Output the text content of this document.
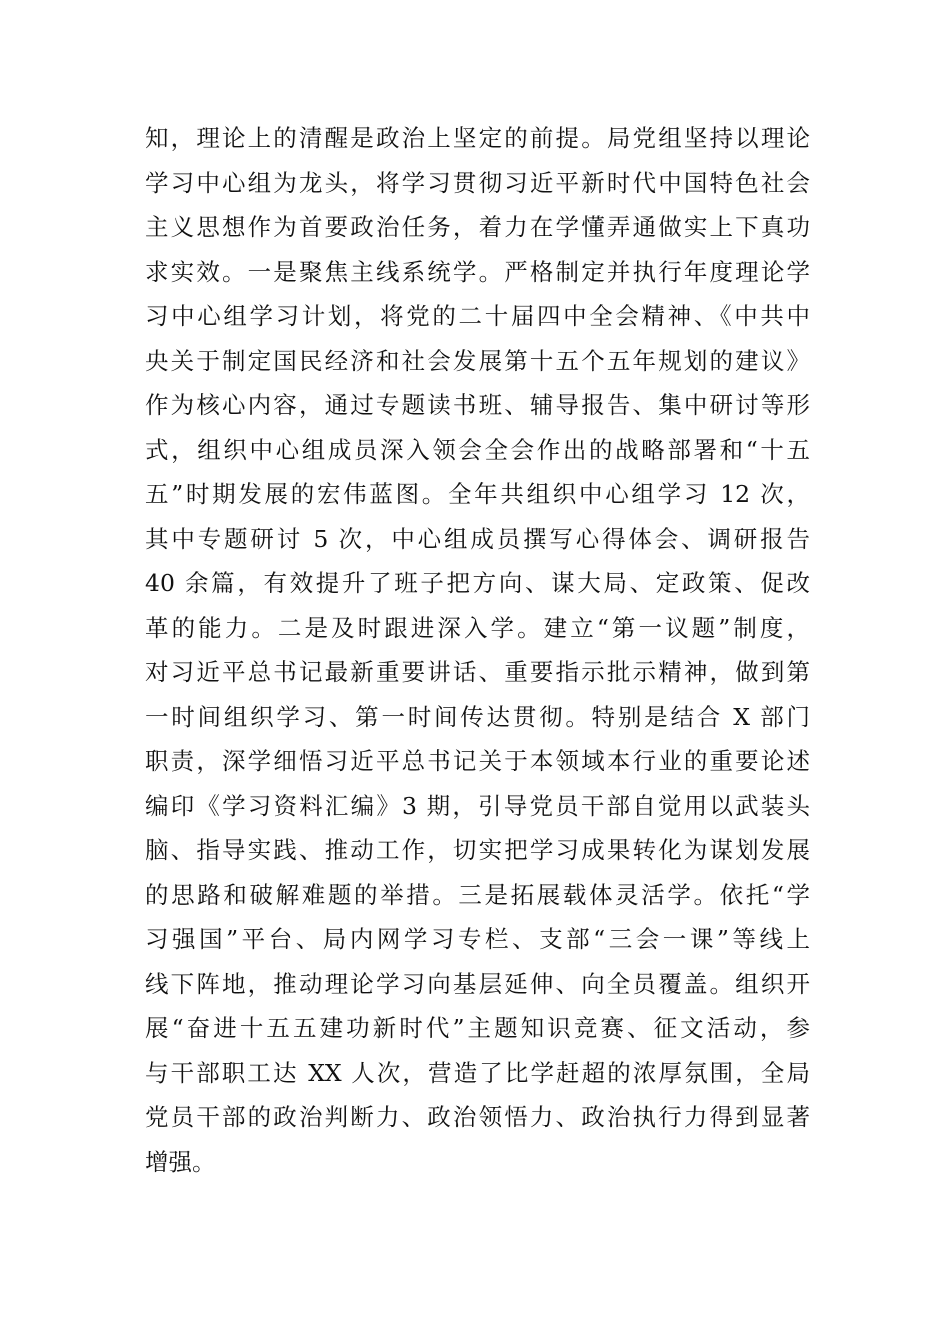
知，理论上的清醒是政治上坚定的前提。局党组坚持以理论
学习中心组为龙头，将学习贯彻习近平新时代中国特色社会
主义思想作为首要政治任务，着力在学懂弄通做实上下真功
求实效。一是聚焦主线系统学。严格制定并执行年度理论学
习中心组学习计划，将党的二十届四中全会精神、《中共中
央关于制定国民经济和社会发展第十五个五年规划的建议》
作为核心内容，通过专题读书班、辅导报告、集中研讨等形
式，组织中心组成员深入领会全会作出的战略部署和“十五
五”时期发展的宏伟蓝图。全年共组织中心组学习 12 次，
其中专题研讨 5 次，中心组成员撰写心得体会、调研报告
40 余篇，有效提升了班子把方向、谋大局、定政策、促改
革的能力。二是及时跟进深入学。建立“第一议题”制度，
对习近平总书记最新重要讲话、重要指示批示精神，做到第
一时间组织学习、第一时间传达贯彻。特别是结合 X 部门
职责，深学细悟习近平总书记关于本领域本行业的重要论述
编印《学习资料汇编》3 期，引导党员干部自觉用以武装头
脑、指导实践、推动工作，切实把学习成果转化为谋划发展
的思路和破解难题的举措。三是拓展载体灵活学。依托“学
习强国”平台、局内网学习专栏、支部“三会一课”等线上
线下阵地，推动理论学习向基层延伸、向全员覆盖。组织开
展“奋进十五五建功新时代”主题知识竞赛、征文活动，参
与干部职工达 XX 人次，营造了比学赶超的浓厚氛围，全局
党员干部的政治判断力、政治领悟力、政治执行力得到显著
增强。
